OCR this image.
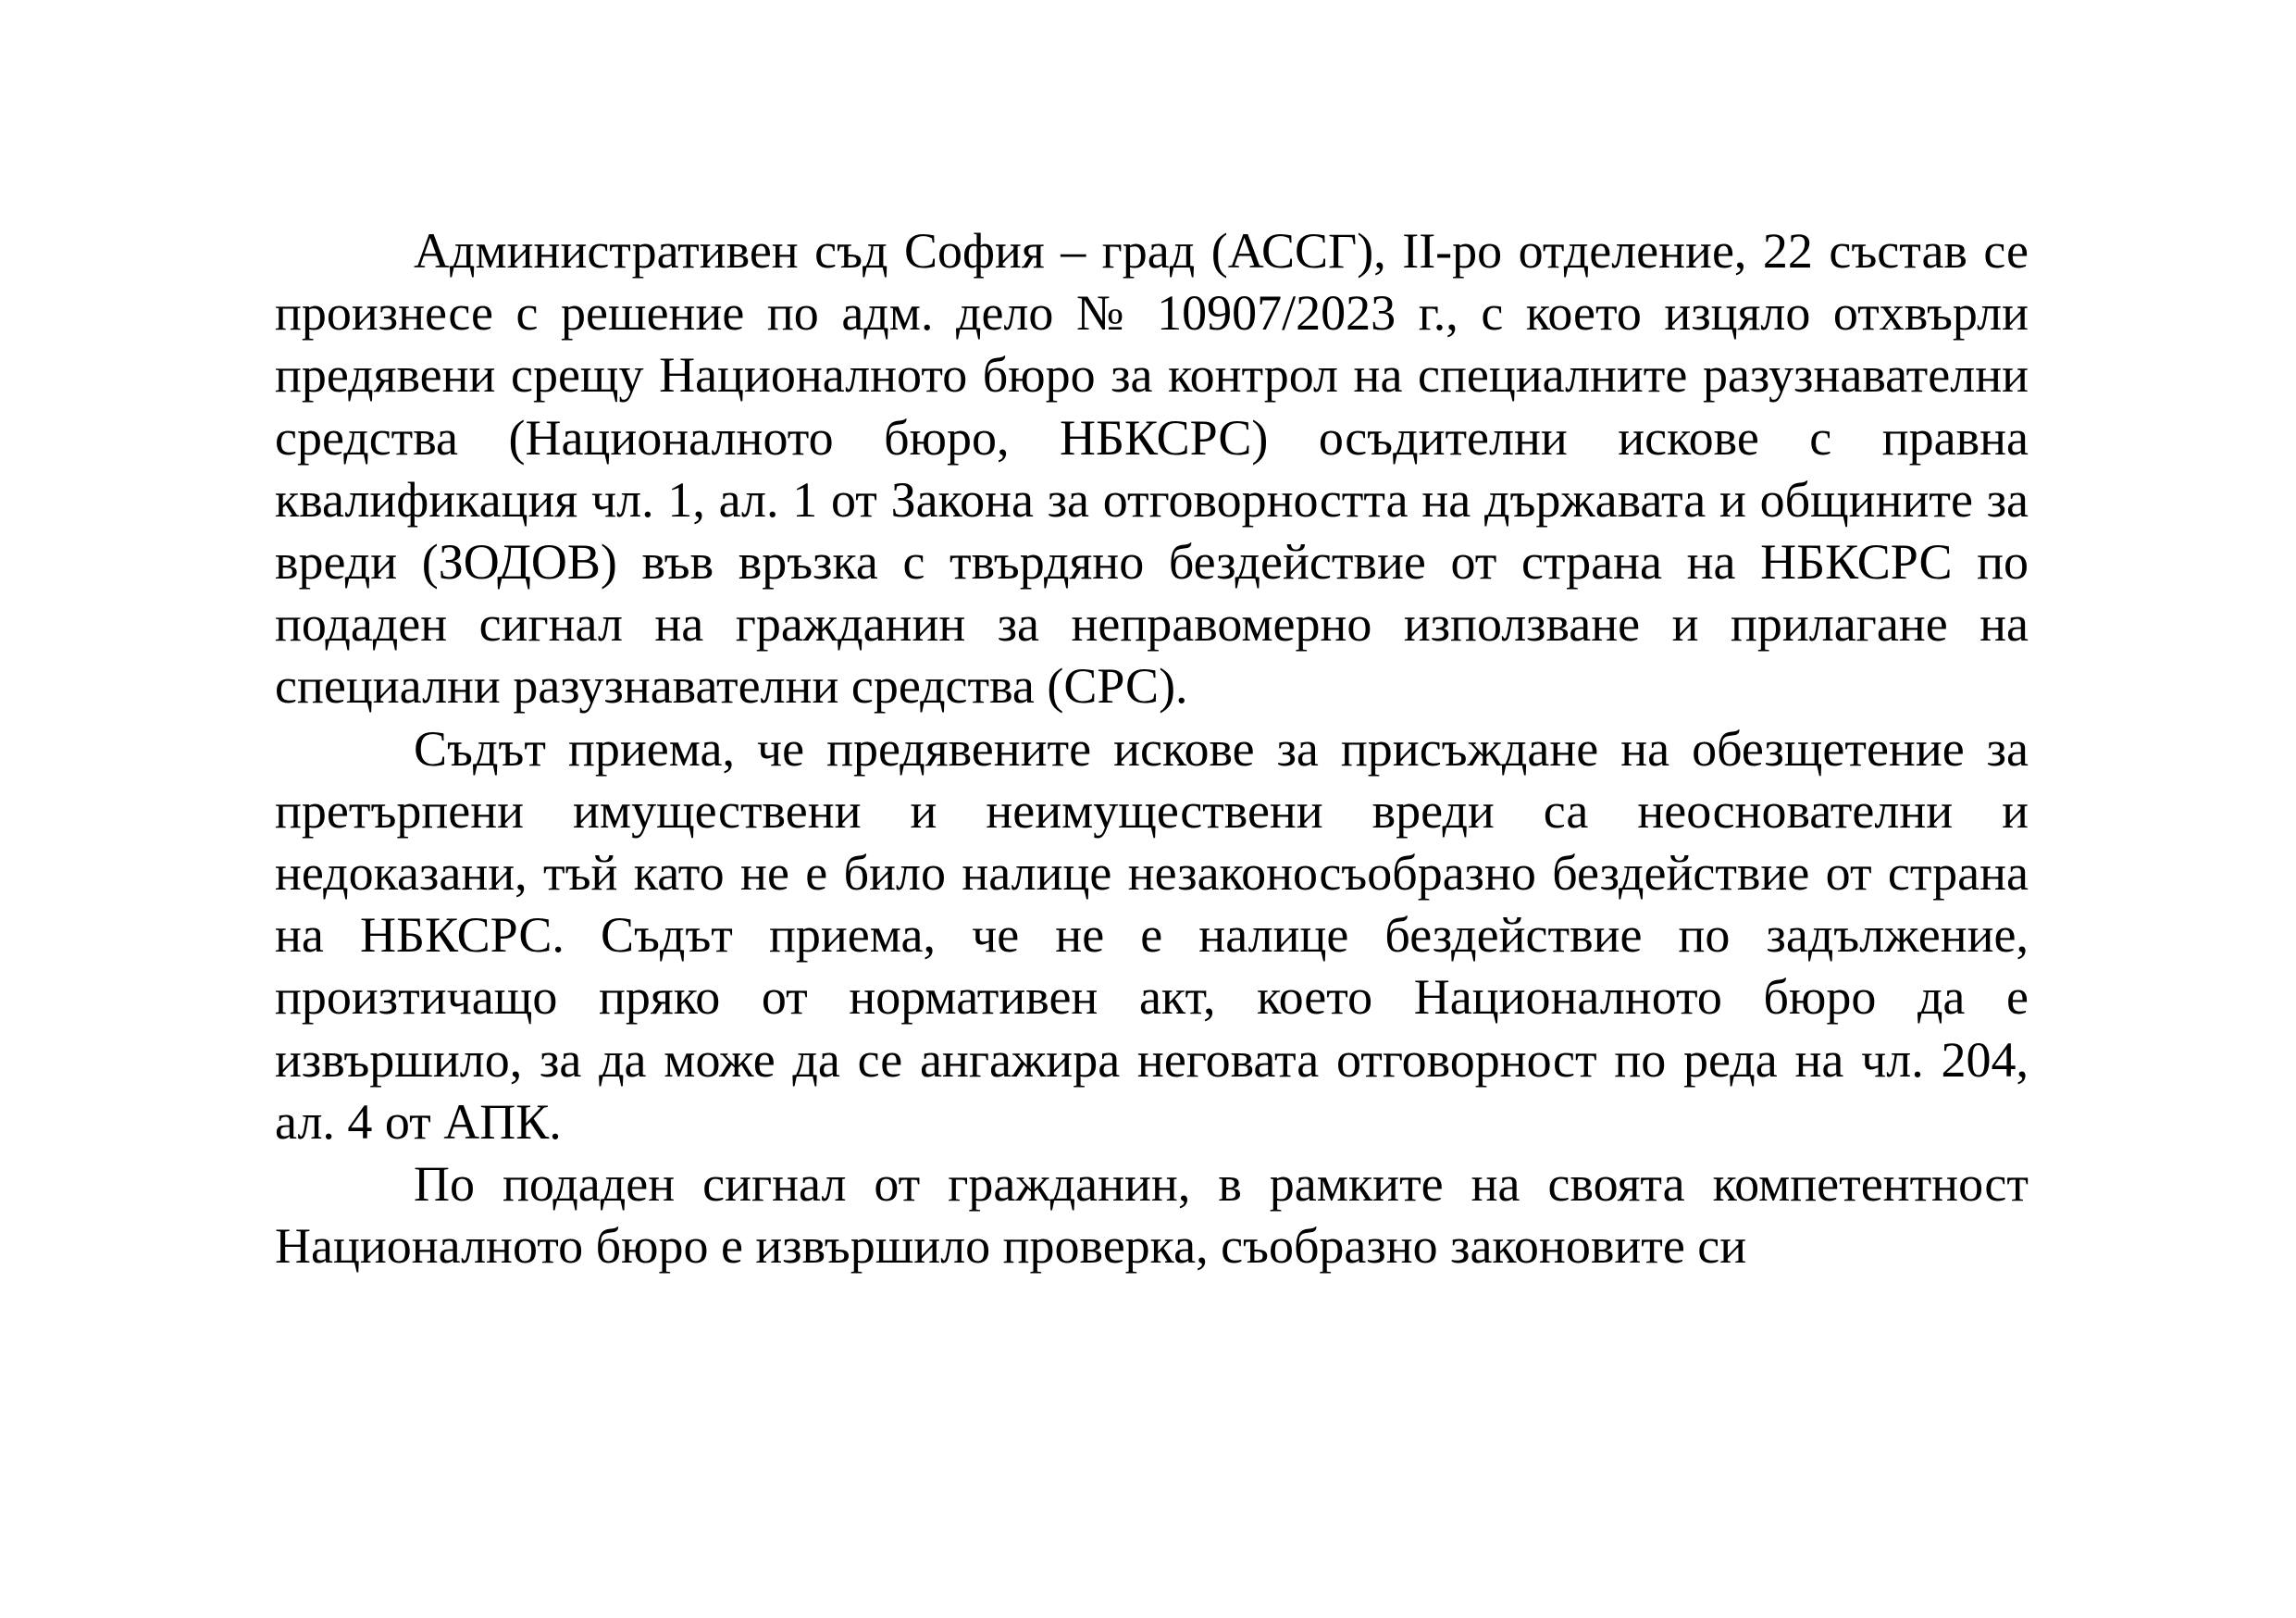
Административен съд София – град (АССГ), II-ро отделение, 22 състав се произнесе с решение по адм. дело № 10907/2023 г., с което изцяло отхвърли предявени срещу Националното бюро за контрол на специалните разузнавателни средства (Националното бюро, НБКСРС) осъдителни искове с правна квалификация чл. 1, ал. 1 от Закона за отговорността на държавата и общините за вреди (ЗОДОВ) във връзка с твърдяно бездействие от страна на НБКСРС по подаден сигнал на гражданин за неправомерно използване и прилагане на специални разузнавателни средства (СРС).

Съдът приема, че предявените искове за присъждане на обезщетение за претърпени имуществени и неимуществени вреди са неоснователни и недоказани, тъй като не е било налице незаконосъобразно бездействие от страна на НБКСРС. Съдът приема, че не е налице бездействие по задължение, произтичащо пряко от нормативен акт, което Националното бюро да е извършило, за да може да се ангажира неговата отговорност по реда на чл. 204, ал. 4 от АПК.

По подаден сигнал от гражданин, в рамките на своята компетентност Националното бюро е извършило проверка, съобразно законовите си
